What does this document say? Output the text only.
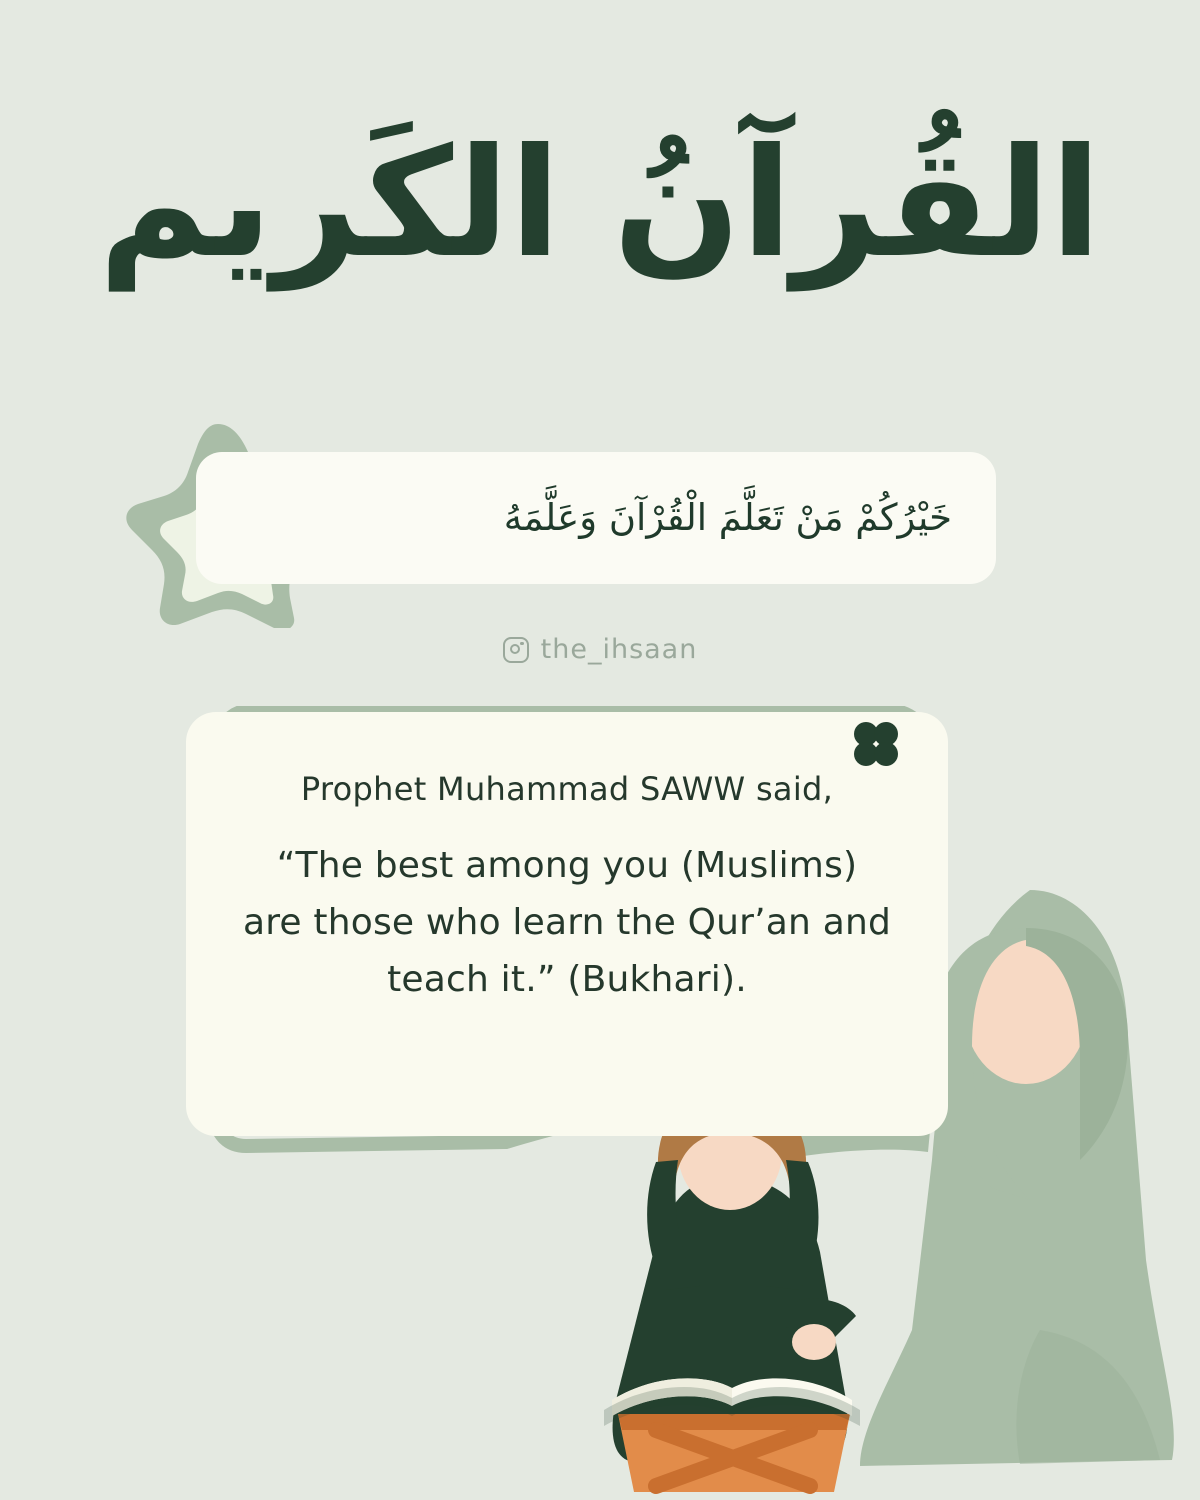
القُرآنُ الكَريم
خَيْرُكُمْ مَنْ تَعَلَّمَ الْقُرْآنَ وَعَلَّمَهُ
the_ihsaan

Prophet Muhammad SAWW said,

“The best among you (Muslims) are those who learn the Qur’an and teach it.” (Bukhari).
